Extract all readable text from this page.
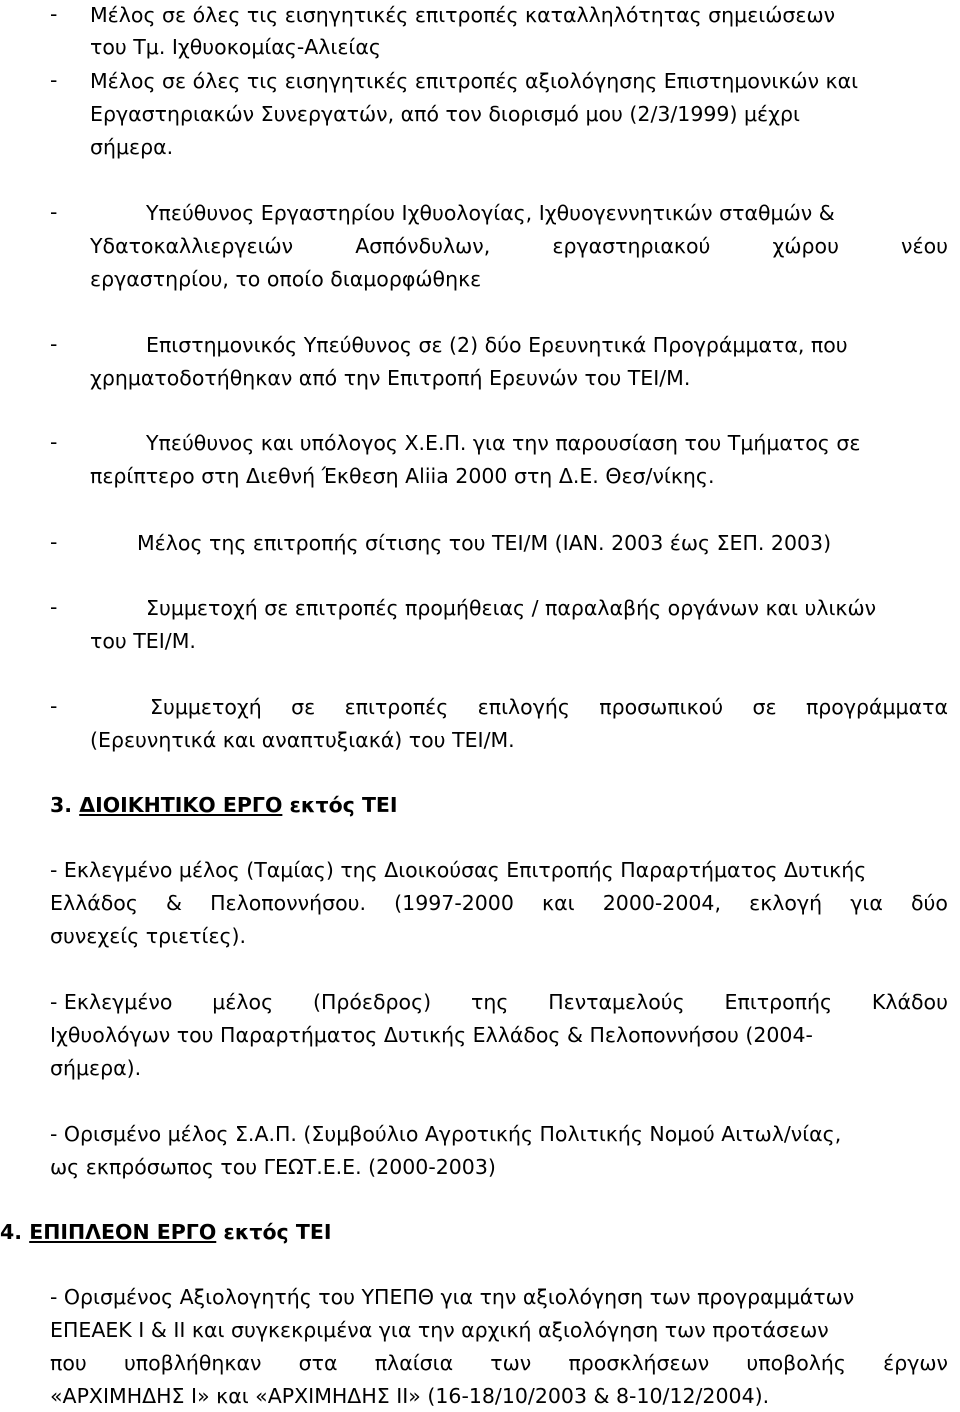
- Μέλος σε όλες τις εισηγητικές επιτροπές καταλληλότητας σημειώσεων
του Τμ. Ιχθυοκομίας-Αλιείας
- Μέλος σε όλες τις εισηγητικές επιτροπές αξιολόγησης Επιστημονικών και
Εργαστηριακών Συνεργατών, από τον διορισμό μου (2/3/1999) μέχρι
σήμερα.
-	Υπεύθυνος Εργαστηρίου Ιχθυολογίας, Ιχθυογεννητικών σταθμών &
Υδατοκαλλιεργειών	Ασπόνδυλων,	εργαστηριακού	χώρου	νέου
εργαστηρίου, το οποίο διαμορφώθηκε
-	Επιστημονικός Υπεύθυνος σε (2) δύο Ερευνητικά Προγράμματα, που
χρηματοδοτήθηκαν από την Επιτροπή Ερευνών του ΤΕΙ/Μ.
-	Υπεύθυνος και υπόλογος Χ.Ε.Π. για την παρουσίαση του Τμήματος σε
περίπτερο στη Διεθνή Έκθεση Aliia 2000 στη Δ.Ε. Θεσ/νίκης.
-	Μέλος της επιτροπής σίτισης του ΤΕΙ/Μ (ΙΑΝ. 2003 έως ΣΕΠ. 2003)
-	Συμμετοχή σε επιτροπές προμήθειας / παραλαβής οργάνων και υλικών
του ΤΕΙ/Μ.
-	Συμμετοχή σε επιτροπές επιλογής προσωπικού σε προγράμματα
(Ερευνητικά και αναπτυξιακά) του ΤΕΙ/Μ.
3. ΔΙΟΙΚΗΤΙΚΟ ΕΡΓΟ εκτός ΤΕΙ
- Εκλεγμένο μέλος (Ταμίας) της Διοικούσας Επιτροπής Παραρτήματος Δυτικής
Ελλάδος & Πελοποννήσου. (1997-2000 και 2000-2004, εκλογή για δύο
συνεχείς τριετίες).
- Εκλεγμένο μέλος (Πρόεδρος) της Πενταμελούς Επιτροπής Κλάδου
Ιχθυολόγων του Παραρτήματος Δυτικής Ελλάδος & Πελοποννήσου (2004-
σήμερα).
- Ορισμένο μέλος Σ.Α.Π. (Συμβούλιο Αγροτικής Πολιτικής Νομού Αιτωλ/νίας,
ως εκπρόσωπος του ΓΕΩΤ.Ε.Ε. (2000-2003)
4. ΕΠΙΠΛΕΟΝ ΕΡΓΟ εκτός ΤΕΙ
- Ορισμένος Αξιολογητής του ΥΠΕΠΘ για την αξιολόγηση των προγραμμάτων
ΕΠΕΑΕΚ Ι & ΙΙ και συγκεκριμένα για την αρχική αξιολόγηση των προτάσεων
που υποβλήθηκαν στα πλαίσια των προσκλήσεων υποβολής έργων
«ΑΡΧΙΜΗΔΗΣ Ι» και «ΑΡΧΙΜΗΔΗΣ ΙΙ» (16-18/10/2003 & 8-10/12/2004).
